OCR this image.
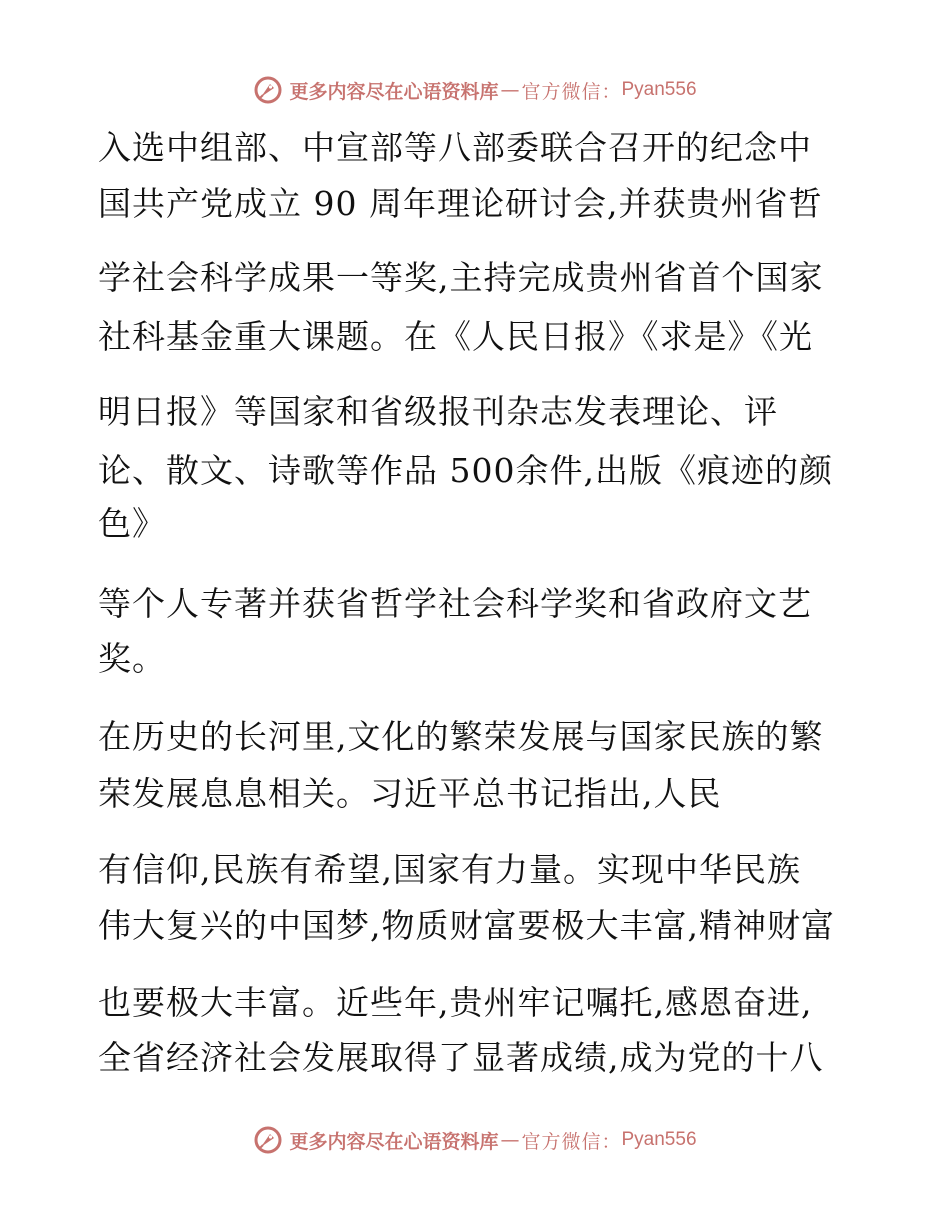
更多内容尽在心语资料库 — 官方微信： Pyan556
入选中组部、中宣部等八部委联合召开的纪念中
国共产党成立 90 周年理论研讨会,并获贵州省哲
学社会科学成果一等奖,主持完成贵州省首个国家
社科基金重大课题。在《人民日报》《求是》《光
明日报》等国家和省级报刊杂志发表理论、评
论、散文、诗歌等作品 500余件,出版《痕迹的颜
色》
等个人专著并获省哲学社会科学奖和省政府文艺
奖。
在历史的长河里,文化的繁荣发展与国家民族的繁
荣发展息息相关。习近平总书记指出,人民
有信仰,民族有希望,国家有力量。实现中华民族
伟大复兴的中国梦,物质财富要极大丰富,精神财富
也要极大丰富。近些年,贵州牢记嘱托,感恩奋进,
全省经济社会发展取得了显著成绩,成为党的十八
更多内容尽在心语资料库 — 官方微信： Pyan556
